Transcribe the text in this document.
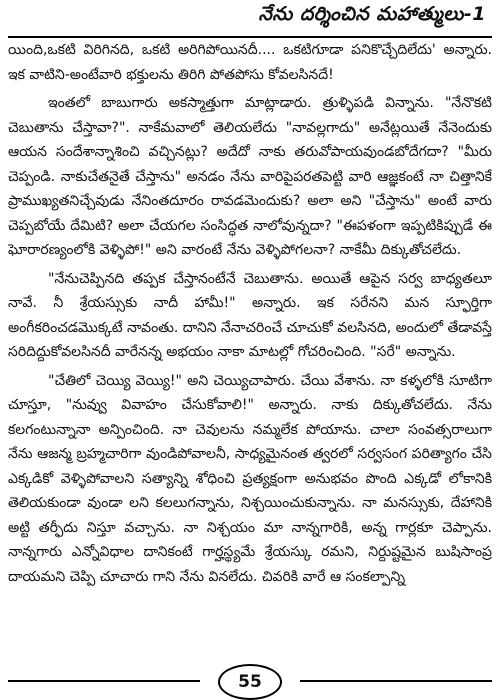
నేను దర్శించిన మహాత్ములు-1

యింది,ఒకటి విరిగినది, ఒకటి అరిగిపోయినదీ.... ఒకటిగూడా పనికొచ్చేదిలేదు' అన్నారు. ఇక వాటిని-అంటేవారి భక్తులను తిరిగి పోతపోసు కోవలసినదే!

ఇంతలో బాబుగారు అకస్మాత్తుగా మాట్లాడారు. త్రుళ్ళిపడి విన్నాను. "నేనొకటి చెబుతాను చేస్తావా?". నాకేమవాలో తెలియలేదు "నావల్లగాదు" అనేట్లయితే నేనెందుకు ఆయన సందేశాన్నాశించి వచ్చినట్లు? అదేదో నాకు తరువోపాయవుండబోదేగదా? "మీరు చెప్పండి. నాకుచేతనైతే చేస్తాను" అనడం నేను వారిపైపరతపెట్టి వారి ఆజ్ఞకంటే నా చిత్తానికే ప్రాముఖ్యతనిచ్చేవుడు నేనింతదూరం రావడమెందుకు? అలా అని "చేస్తాను" అంటే వారు చెప్పబోయే దేమిటి? అలా చేయగల సంసిద్ధత నాలోవున్నదా? "ఈపళంగా ఇప్పటికిప్పుడే ఈ ఘోరారణ్యంలోకి వెళ్ళిపో!" అని వారంటే నేను వెళ్ళిపోగలనా? నాకేమీ దిక్కుతోచలేదు.

"నేనుచెప్పినది తప్పక చేస్తానంటేనే చెబుతాను. అయితే ఆపైన సర్వ బాధ్యతలూ నావే. నీ శ్రేయస్సుకు నాదీ హామీ!" అన్నారు. ఇక సరేనని మన స్ఫూర్తిగా అంగీకరించడమొక్కటే నావంతు. దానిని నేనాచరించే చూచుకో వలసినది, అందులో తేడావస్తే సరిదిద్దుకోవలసినదీ వారేనన్న అభయం నాకా మాటల్లో గోచరించింది. "సరే" అన్నాను.

"చేతిలో చెయ్యి వెయ్యి!" అని చెయ్యిచాపారు. చేయి వేశాను. నా కళ్ళలోకి సూటిగా చూస్తూ, "నువ్వు వివాహం చేసుకోవాలి!" అన్నారు. నాకు దిక్కుతోచలేదు. నేను కలగంటున్నానా అన్పించింది. నా చెవులను నమ్మలేక పోయాను. చాలా సంవత్సరాలుగా నేను ఆజన్మ బ్రహ్మచారిగా వుండిపోవాలనీ, సాధ్యమైనంత త్వరలో సర్వసంగ పరిత్యాగం చేసి ఎక్కడికో వెళ్ళిపోవాలని సత్యాన్ని శోధించి ప్రత్యక్షంగా అనుభవం పొంది ఎక్కడో లోకానికి తెలియకుండా వుండా లని కలలుగన్నాను, నిశ్చయించుకున్నాను. నా మనస్సుకు, దేహానికి అట్టి తర్ఫీదు నిస్తూ వచ్చాను. నా నిశ్చయం మా నాన్నగారికి, అన్న గార్లకూ చెప్పాను. నాన్నగారు ఎన్నోవిధాల దానికంటే గార్హస్థ్యమే శ్రేయస్కు రమని, నిర్దుష్టమైన బుషిసాంప్ర దాయమని చెప్పి చూచారు గాని నేను వినలేదు. చివరికి వారే ఆ సంకల్పాన్ని

55
